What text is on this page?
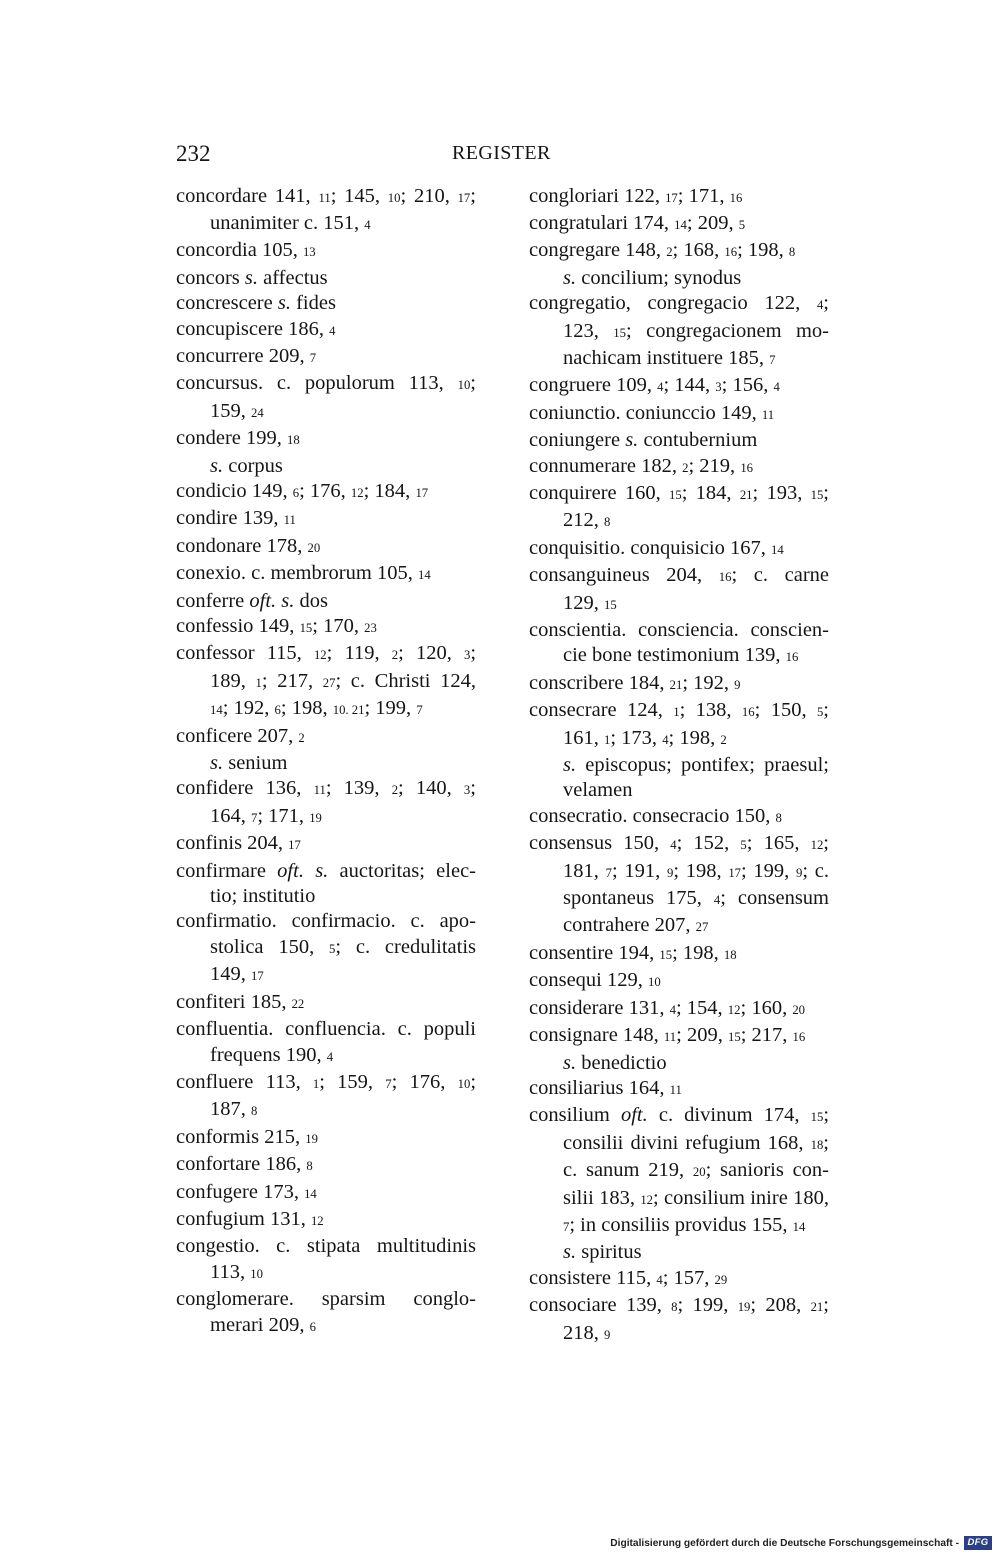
232	REGISTER
concordare 141, 11; 145, 10; 210, 17;
unanimiter c. 151, 4
concordia 105, 13
concors s. affectus
concrescere s. fides
concupiscere 186, 4
concurrere 209, 7
concursus. c. populorum 113, 10;
159, 24
condere 199, 18
s. corpus
condicio 149, 6; 176, 12; 184, 17
condire 139, 11
condonare 178, 20
conexio. c. membrorum 105, 14
conferre oft. s. dos
confessio 149, 15; 170, 23
confessor 115, 12; 119, 2; 120, 3;
189, 1; 217, 27; c. Christi 124,
14; 192, 6; 198, 10. 21; 199, 7
conficere 207, 2
s. senium
confidere 136, 11; 139, 2; 140, 3;
164, 7; 171, 19
confinis 204, 17
confirmare oft. s. auctoritas; elec-
tio; institutio
confirmatio. confirmacio. c. apo-
stolica 150, 5; c. credulitatis
149, 17
confiteri 185, 22
confluentia. confluencia. c. populi
frequens 190, 4
confluere 113, 1; 159, 7; 176, 10;
187, 8
conformis 215, 19
confortare 186, 8
confugere 173, 14
confugium 131, 12
congestio. c. stipata multitudinis
113, 10
conglomerare. sparsim conglo-
merari 209, 6
congloriari 122, 17; 171, 16
congratulari 174, 14; 209, 5
congregare 148, 2; 168, 16; 198, 8
s. concilium; synodus
congregatio, congregacio 122, 4;
123, 15; congregacionem mo-
nachicam instituere 185, 7
congruere 109, 4; 144, 3; 156, 4
coniunctio. coniunccio 149, 11
coniungere s. contubernium
connumerare 182, 2; 219, 16
conquirere 160, 15; 184, 21; 193, 15;
212, 8
conquisitio. conquisicio 167, 14
consanguineus 204, 16; c. carne
129, 15
conscientia. consciencia. conscien-
cie bone testimonium 139, 16
conscribere 184, 21; 192, 9
consecrare 124, 1; 138, 16; 150, 5;
161, 1; 173, 4; 198, 2
s. episcopus; pontifex; praesul;
velamen
consecratio. consecracio 150, 8
consensus 150, 4; 152, 5; 165, 12;
181, 7; 191, 9; 198, 17; 199, 9; c.
spontaneus 175, 4; consensum
contrahere 207, 27
consentire 194, 15; 198, 18
consequi 129, 10
considerare 131, 4; 154, 12; 160, 20
consignare 148, 11; 209, 15; 217, 16
s. benedictio
consiliarius 164, 11
consilium oft. c. divinum 174, 15;
consilii divini refugium 168, 18;
c. sanum 219, 20; sanioris con-
silii 183, 12; consilium inire 180,
7; in consiliis providus 155, 14
s. spiritus
consistere 115, 4; 157, 29
consociare 139, 8; 199, 19; 208, 21;
218, 9
Digitalisierung gefördert durch die Deutsche Forschungsgemeinschaft - DFG
